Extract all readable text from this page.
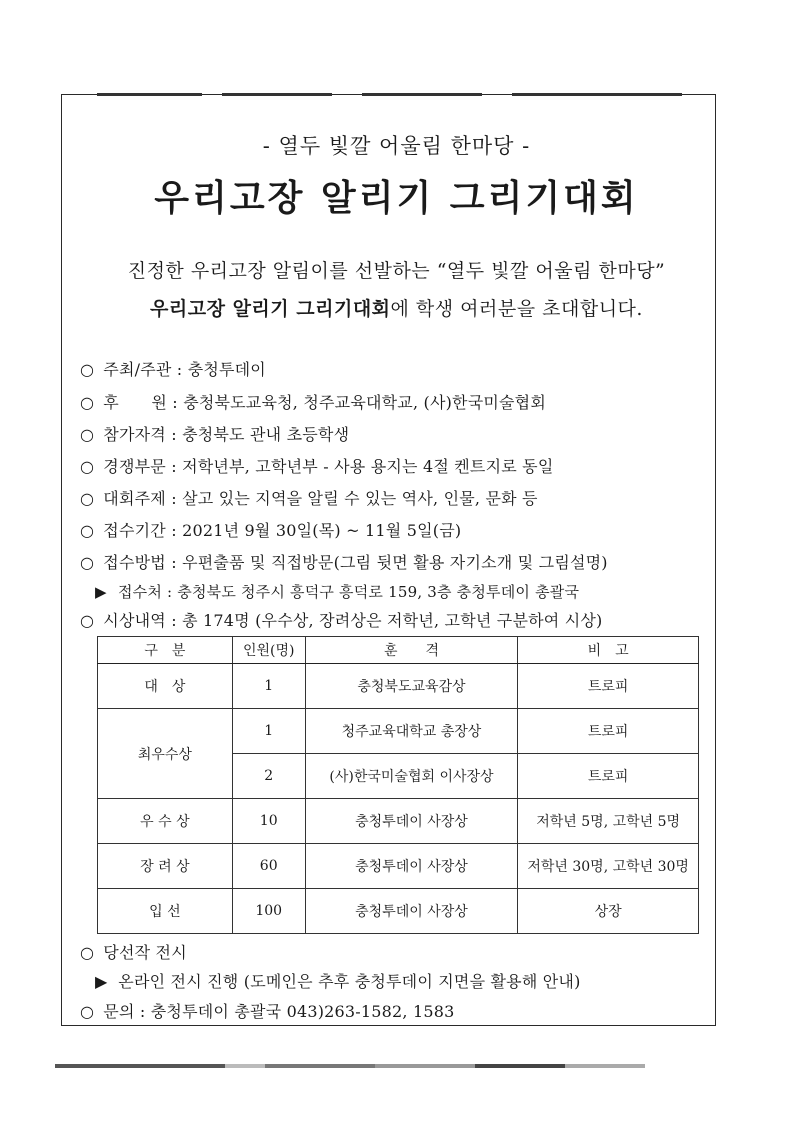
- 열두 빛깔 어울림 한마당 -
우리고장 알리기 그리기대회
진정한 우리고장 알림이를 선발하는 “열두 빛깔 어울림 한마당”
우리고장 알리기 그리기대회에 학생 여러분을 초대합니다.
○ 주최/주관 : 충청투데이
○ 후　　원 : 충청북도교육청, 청주교육대학교, (사)한국미술협회
○ 참가자격 : 충청북도 관내 초등학생
○ 경쟁부문 : 저학년부, 고학년부 - 사용 용지는 4절 켄트지로 동일
○ 대회주제 : 살고 있는 지역을 알릴 수 있는 역사, 인물, 문화 등
○ 접수기간 : 2021년 9월 30일(목) ~ 11월 5일(금)
○ 접수방법 : 우편출품 및 직접방문(그림 뒷면 활용 자기소개 및 그림설명)
▶ 접수처 : 충청북도 청주시 흥덕구 흥덕로 159, 3층 충청투데이 총괄국
○ 시상내역 : 총 174명 (우수상, 장려상은 저학년, 고학년 구분하여 시상)
구　분	인원(명)	훈　　격	비　고
대　상	1	충청북도교육감상	트로피
최우수상	1	청주교육대학교 총장상	트로피
	2	(사)한국미술협회 이사장상	트로피
우 수 상	10	충청투데이 사장상	저학년 5명, 고학년 5명
장 려 상	60	충청투데이 사장상	저학년 30명, 고학년 30명
입 선	100	충청투데이 사장상	상장
○ 당선작 전시
▶ 온라인 전시 진행 (도메인은 추후 충청투데이 지면을 활용해 안내)
○ 문의 : 충청투데이 총괄국 043)263-1582, 1583
